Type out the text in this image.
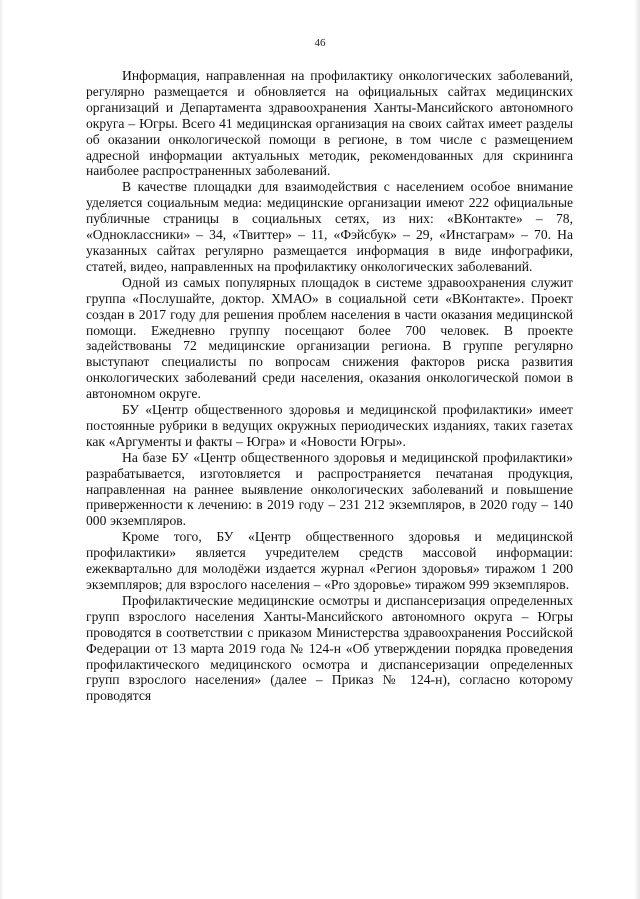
46

Информация, направленная на профилактику онкологических заболеваний, регулярно размещается и обновляется на официальных сайтах медицинских организаций и Департамента здравоохранения Ханты-Мансийского автономного округа – Югры. Всего 41 медицинская организация на своих сайтах имеет разделы об оказании онкологической помощи в регионе, в том числе с размещением адресной информации актуальных методик, рекомендованных для скрининга наиболее распространенных заболеваний.

В качестве площадки для взаимодействия с населением особое внимание уделяется социальным медиа: медицинские организации имеют 222 официальные публичные страницы в социальных сетях, из них: «ВКонтакте» – 78, «Одноклассники» – 34, «Твиттер» – 11, «Фэйсбук» – 29, «Инстаграм» – 70. На указанных сайтах регулярно размещается информация в виде инфографики, статей, видео, направленных на профилактику онкологических заболеваний.

Одной из самых популярных площадок в системе здравоохранения служит группа «Послушайте, доктор. ХМАО» в социальной сети «ВКонтакте». Проект создан в 2017 году для решения проблем населения в части оказания медицинской помощи. Ежедневно группу посещают более 700 человек. В проекте задействованы 72 медицинские организации региона. В группе регулярно выступают специалисты по вопросам снижения факторов риска развития онкологических заболеваний среди населения, оказания онкологической помои в автономном округе.

БУ «Центр общественного здоровья и медицинской профилактики» имеет постоянные рубрики в ведущих окружных периодических изданиях, таких газетах как «Аргументы и факты – Югра» и «Новости Югры».

На базе БУ «Центр общественного здоровья и медицинской профилактики» разрабатывается, изготовляется и распространяется печатаная продукция, направленная на раннее выявление онкологических заболеваний и повышение приверженности к лечению: в 2019 году – 231 212 экземпляров, в 2020 году – 140 000 экземпляров.

Кроме того, БУ «Центр общественного здоровья и медицинской профилактики» является учредителем средств массовой информации: ежеквартально для молодёжи издается журнал «Регион здоровья» тиражом 1 200 экземпляров; для взрослого населения – «Pro здоровье» тиражом 999 экземпляров.

Профилактические медицинские осмотры и диспансеризация определенных групп взрослого населения Ханты-Мансийского автономного округа – Югры проводятся в соответствии с приказом Министерства здравоохранения Российской Федерации от 13 марта 2019 года № 124-н «Об утверждении порядка проведения профилактического медицинского осмотра и диспансеризации определенных групп взрослого населения» (далее – Приказ № 124-н), согласно которому проводятся
